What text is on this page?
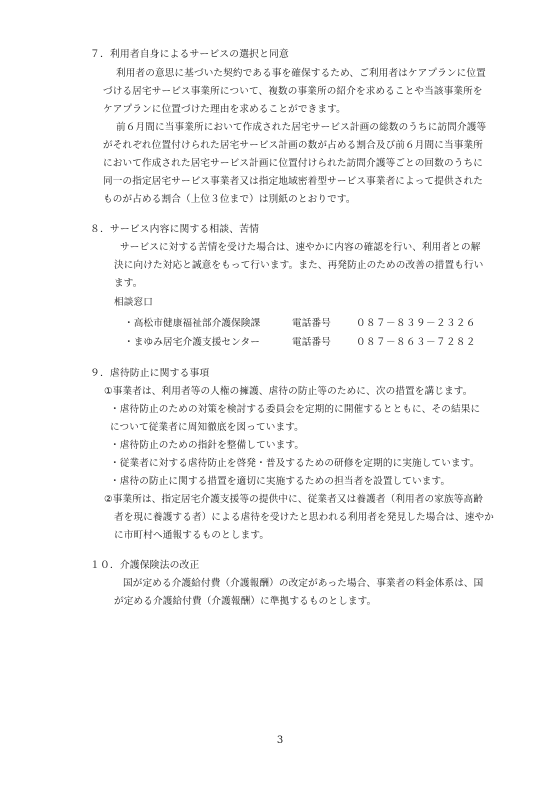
７．利用者自身によるサービスの選択と同意
利用者の意思に基づいた契約である事を確保するため、ご利用者はケアプランに位置
づける居宅サービス事業所について、複数の事業所の紹介を求めることや当該事業所を
ケアプランに位置づけた理由を求めることができます。
前６月間に当事業所において作成された居宅サービス計画の総数のうちに訪問介護等
がそれぞれ位置付けられた居宅サービス計画の数が占める割合及び前６月間に当事業所
において作成された居宅サービス計画に位置付けられた訪問介護等ごとの回数のうちに
同一の指定居宅サービス事業者又は指定地域密着型サービス事業者によって提供された
ものが占める割合（上位３位まで）は別紙のとおりです。
８．サービス内容に関する相談、苦情
サービスに対する苦情を受けた場合は、速やかに内容の確認を行い、利用者との解
決に向けた対応と誠意をもって行います。また、再発防止のための改善の措置も行い
ます。
相談窓口
・高松市健康福祉部介護保険課	電話番号	０８７－８３９－２３２６
・まゆみ居宅介護支援センター	電話番号	０８７－８６３－７２８２
９．虐待防止に関する事項
①事業者は、利用者等の人権の擁護、虐待の防止等のために、次の措置を講じます。
・虐待防止のための対策を検討する委員会を定期的に開催するとともに、その結果に
について従業者に周知徹底を図っています。
・虐待防止のための指針を整備しています。
・従業者に対する虐待防止を啓発・普及するための研修を定期的に実施しています。
・虐待の防止に関する措置を適切に実施するための担当者を設置しています。
②事業所は、指定居宅介護支援等の提供中に、従業者又は養護者（利用者の家族等高齢
者を現に養護する者）による虐待を受けたと思われる利用者を発見した場合は、速やか
に市町村へ通報するものとします。
１０．介護保険法の改正
国が定める介護給付費（介護報酬）の改定があった場合、事業者の料金体系は、国
が定める介護給付費（介護報酬）に準拠するものとします。
3
